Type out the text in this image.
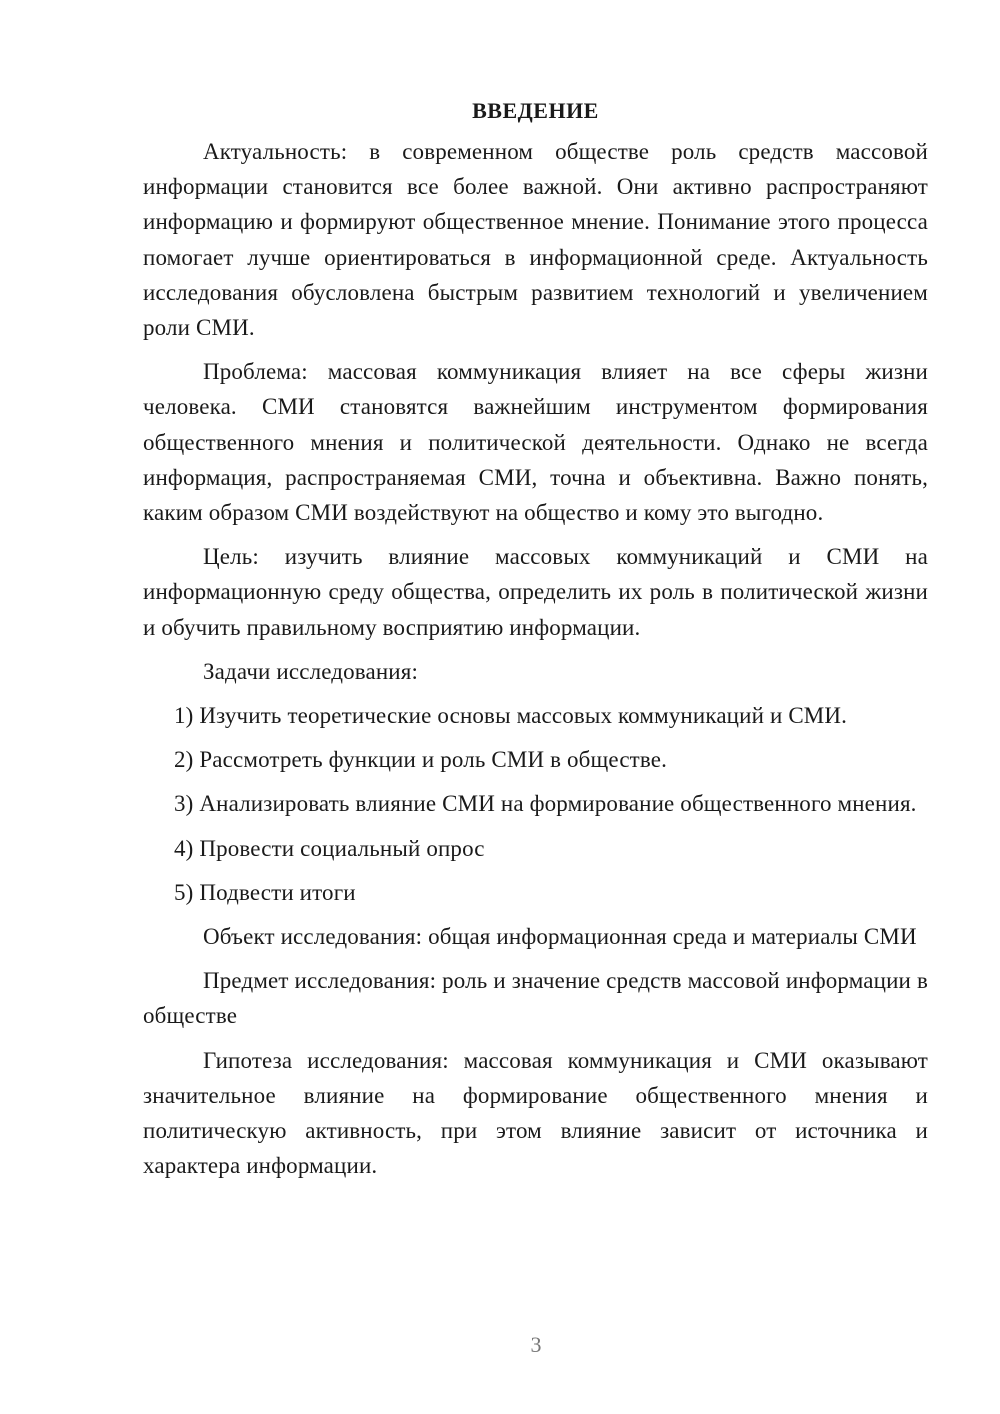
ВВЕДЕНИЕ

Актуальность: в современном обществе роль средств массовой информации становится все более важной. Они активно распространяют информацию и формируют общественное мнение. Понимание этого процесса помогает лучше ориентироваться в информационной среде. Актуальность исследования обусловлена быстрым развитием технологий и увеличением роли СМИ.

Проблема: массовая коммуникация влияет на все сферы жизни человека. СМИ становятся важнейшим инструментом формирования общественного мнения и политической деятельности. Однако не всегда информация, распространяемая СМИ, точна и объективна. Важно понять, каким образом СМИ воздействуют на общество и кому это выгодно.

Цель: изучить влияние массовых коммуникаций и СМИ на информационную среду общества, определить их роль в политической жизни и обучить правильному восприятию информации.

Задачи исследования:

1) Изучить теоретические основы массовых коммуникаций и СМИ.

2) Рассмотреть функции и роль СМИ в обществе.

3) Анализировать влияние СМИ на формирование общественного мнения.

4) Провести социальный опрос

5) Подвести итоги

Объект исследования: общая информационная среда и материалы СМИ

Предмет исследования: роль и значение средств массовой информации в обществе

Гипотеза исследования: массовая коммуникация и СМИ оказывают значительное влияние на формирование общественного мнения и политическую активность, при этом влияние зависит от источника и характера информации.

3
